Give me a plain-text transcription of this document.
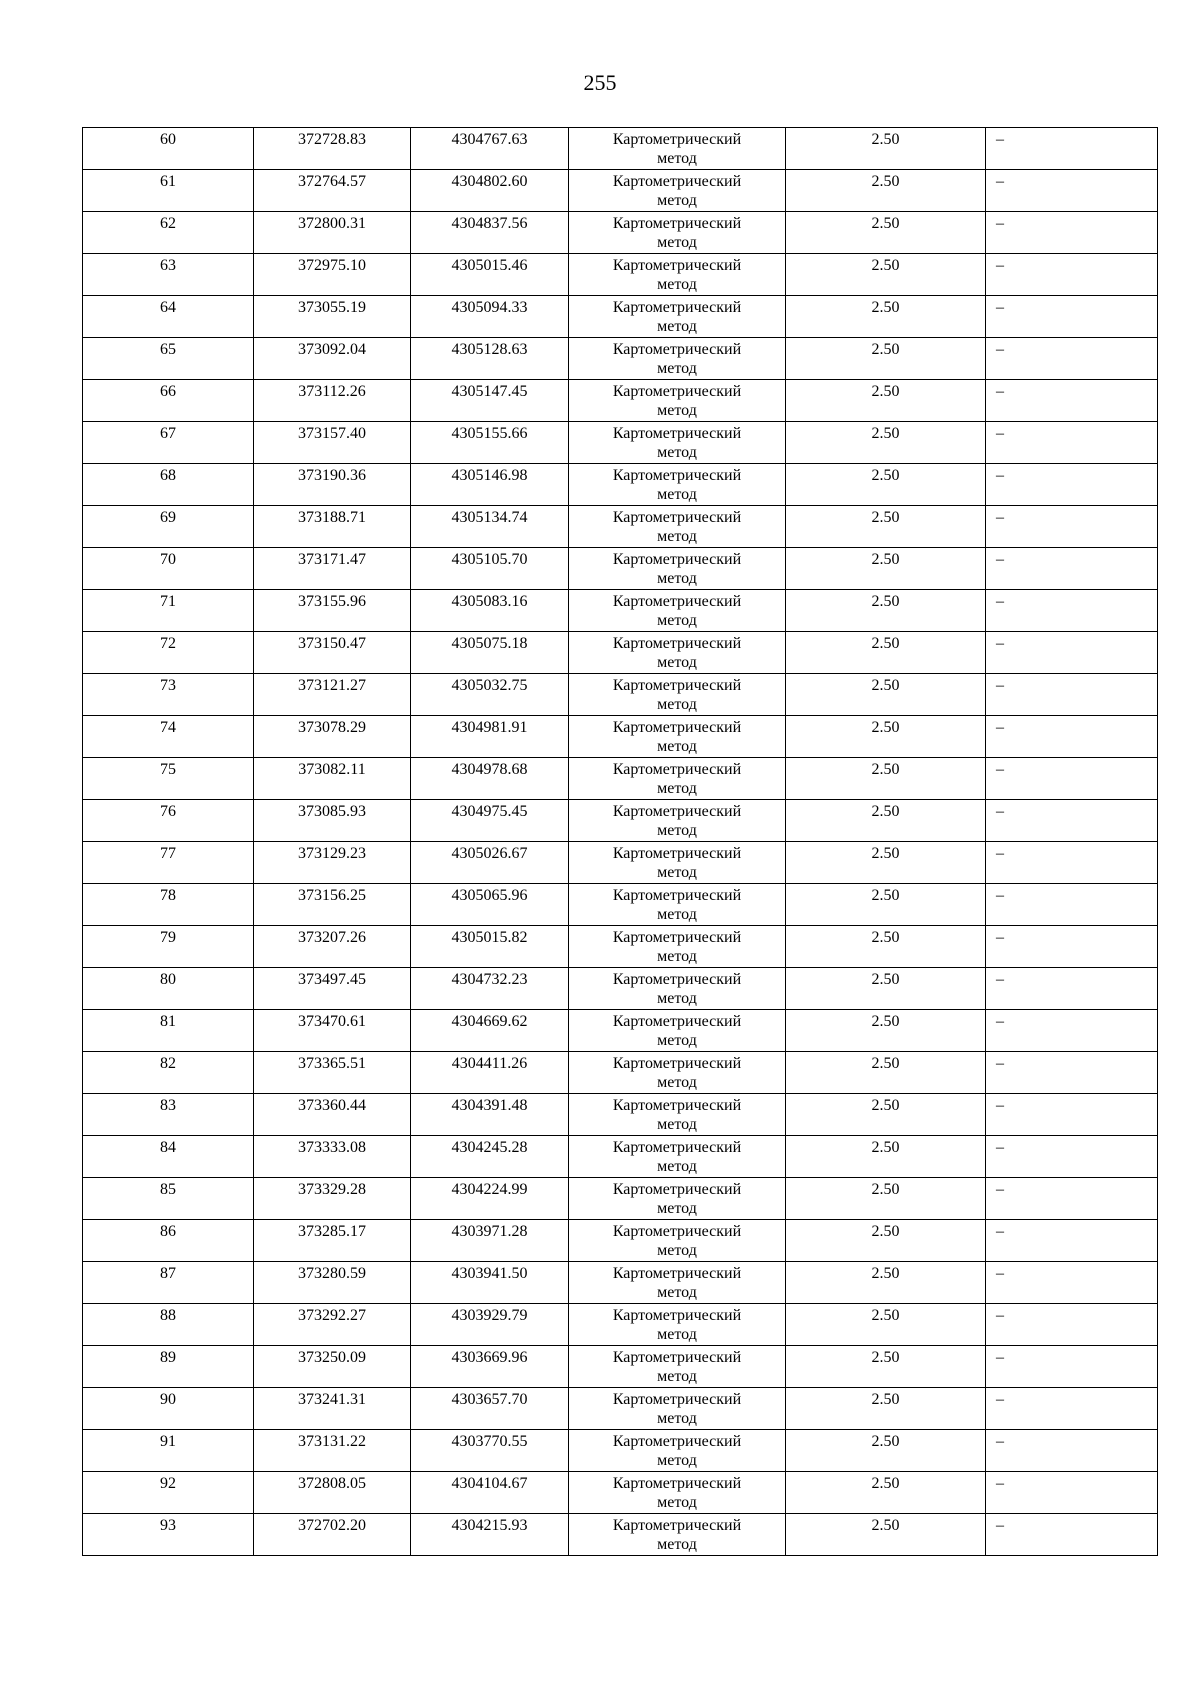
255
60	372728.83	4304767.63	Картометрический метод	2.50	–
61	372764.57	4304802.60	Картометрический метод	2.50	–
62	372800.31	4304837.56	Картометрический метод	2.50	–
63	372975.10	4305015.46	Картометрический метод	2.50	–
64	373055.19	4305094.33	Картометрический метод	2.50	–
65	373092.04	4305128.63	Картометрический метод	2.50	–
66	373112.26	4305147.45	Картометрический метод	2.50	–
67	373157.40	4305155.66	Картометрический метод	2.50	–
68	373190.36	4305146.98	Картометрический метод	2.50	–
69	373188.71	4305134.74	Картометрический метод	2.50	–
70	373171.47	4305105.70	Картометрический метод	2.50	–
71	373155.96	4305083.16	Картометрический метод	2.50	–
72	373150.47	4305075.18	Картометрический метод	2.50	–
73	373121.27	4305032.75	Картометрический метод	2.50	–
74	373078.29	4304981.91	Картометрический метод	2.50	–
75	373082.11	4304978.68	Картометрический метод	2.50	–
76	373085.93	4304975.45	Картометрический метод	2.50	–
77	373129.23	4305026.67	Картометрический метод	2.50	–
78	373156.25	4305065.96	Картометрический метод	2.50	–
79	373207.26	4305015.82	Картометрический метод	2.50	–
80	373497.45	4304732.23	Картометрический метод	2.50	–
81	373470.61	4304669.62	Картометрический метод	2.50	–
82	373365.51	4304411.26	Картометрический метод	2.50	–
83	373360.44	4304391.48	Картометрический метод	2.50	–
84	373333.08	4304245.28	Картометрический метод	2.50	–
85	373329.28	4304224.99	Картометрический метод	2.50	–
86	373285.17	4303971.28	Картометрический метод	2.50	–
87	373280.59	4303941.50	Картометрический метод	2.50	–
88	373292.27	4303929.79	Картометрический метод	2.50	–
89	373250.09	4303669.96	Картометрический метод	2.50	–
90	373241.31	4303657.70	Картометрический метод	2.50	–
91	373131.22	4303770.55	Картометрический метод	2.50	–
92	372808.05	4304104.67	Картометрический метод	2.50	–
93	372702.20	4304215.93	Картометрический метод	2.50	–
